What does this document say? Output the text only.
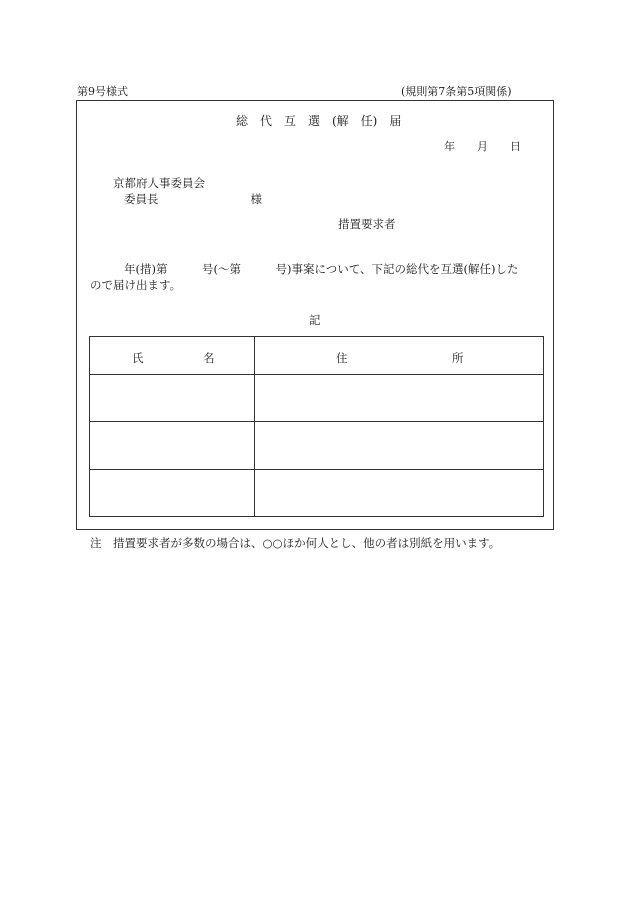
第9号様式	(規則第7条第5項関係)
総　代　互　選　(解　任)　届
年　　月　　日
京都府人事委員会
委員長　　　　　　　　様
措置要求者
年(措)第　　　号(～第　　　号)事案について、下記の総代を互選(解任)した
ので届け出ます。
記
氏 名	住 所

注　措置要求者が多数の場合は、○○ほか何人とし、他の者は別紙を用います。
